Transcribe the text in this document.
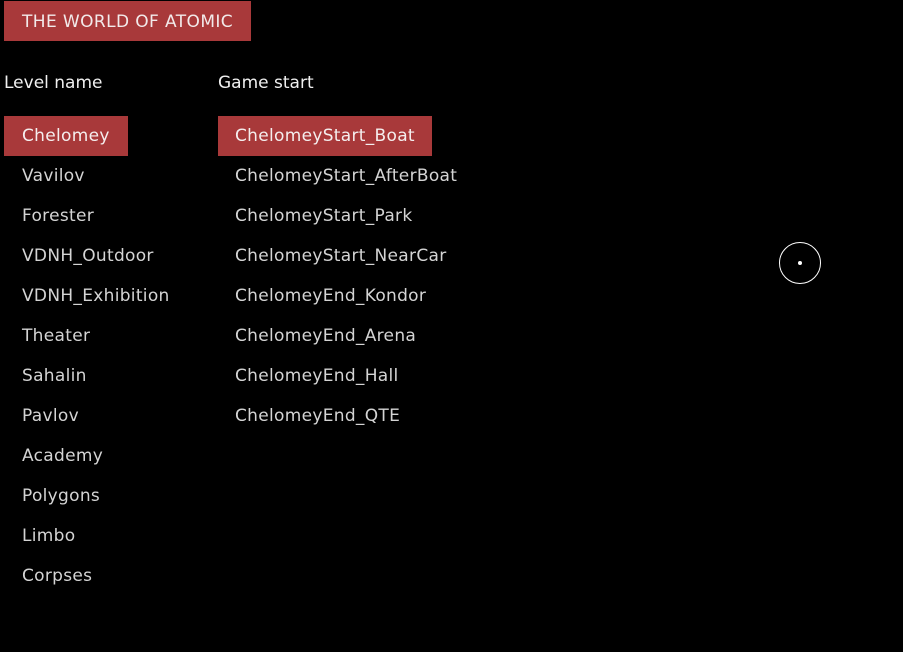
THE WORLD OF ATOMIC
Level name	Game start
Chelomey
Vavilov
Forester
VDNH_Outdoor
VDNH_Exhibition
Theater
Sahalin
Pavlov
Academy
Polygons
Limbo
Corpses
ChelomeyStart_Boat
ChelomeyStart_AfterBoat
ChelomeyStart_Park
ChelomeyStart_NearCar
ChelomeyEnd_Kondor
ChelomeyEnd_Arena
ChelomeyEnd_Hall
ChelomeyEnd_QTE
